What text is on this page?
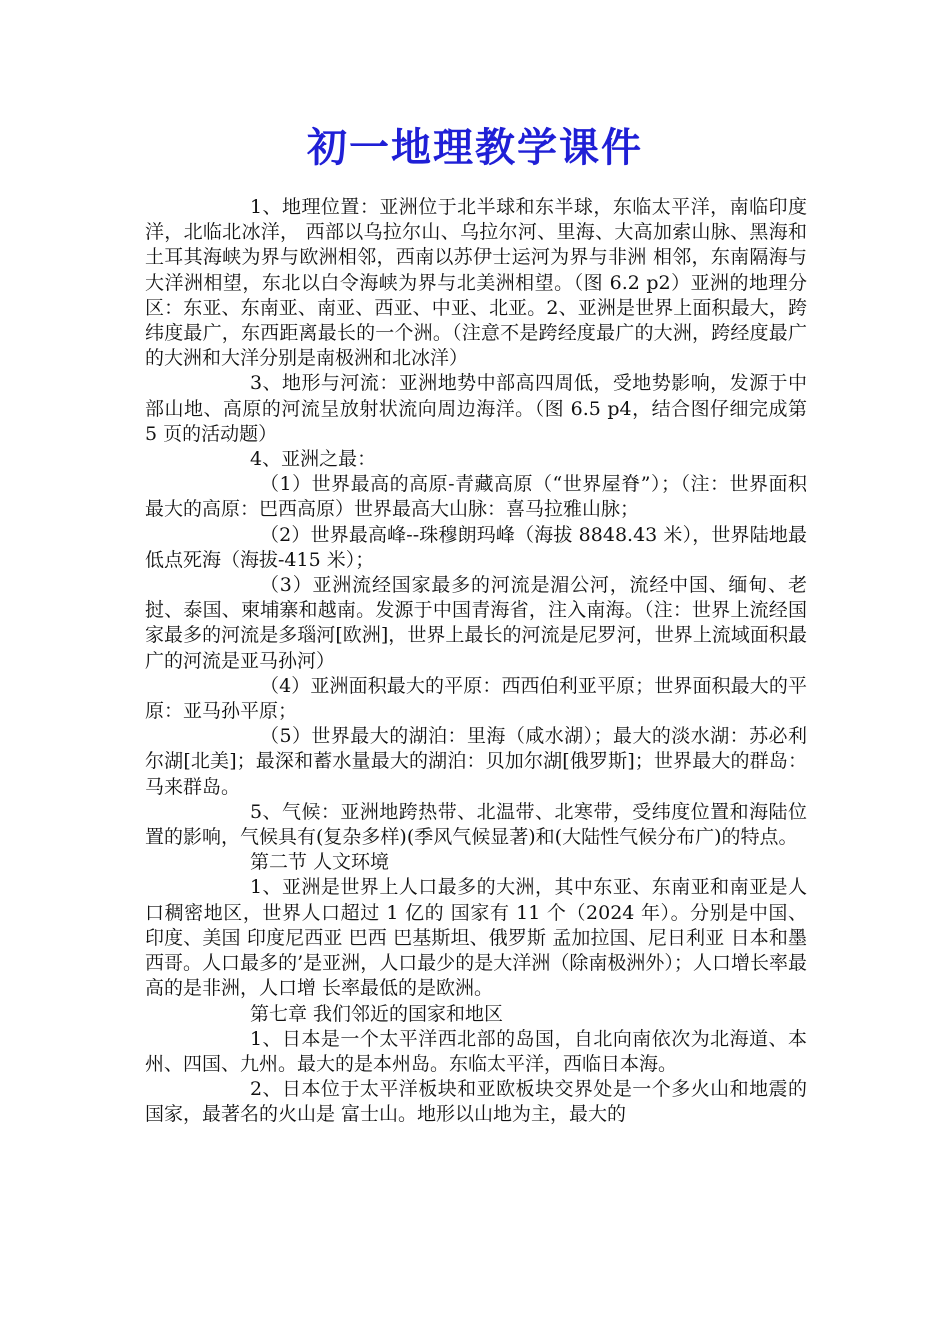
初一地理教学课件

1、地理位置：亚洲位于北半球和东半球，东临太平洋，南临印度洋，北临北冰洋， 西部以乌拉尔山、乌拉尔河、里海、大高加索山脉、黑海和土耳其海峡为界与欧洲相邻，西南以苏伊士运河为界与非洲 相邻，东南隔海与大洋洲相望，东北以白令海峡为界与北美洲相望。（图 6.2 p2）亚洲的地理分区：东亚、东南亚、南亚、西亚、中亚、北亚。2、亚洲是世界上面积最大，跨纬度最广，东西距离最长的一个洲。（注意不是跨经度最广的大洲，跨经度最广的大洲和大洋分别是南极洲和北冰洋）

3、地形与河流：亚洲地势中部高四周低，受地势影响，发源于中部山地、高原的河流呈放射状流向周边海洋。（图 6.5 p4，结合图仔细完成第 5 页的活动题）

4、亚洲之最：

（1）世界最高的高原-青藏高原（“世界屋脊”）；（注：世界面积最大的高原：巴西高原）世界最高大山脉：喜马拉雅山脉；

（2）世界最高峰--珠穆朗玛峰（海拔 8848.43 米），世界陆地最低点死海（海拔-415 米）；

（3）亚洲流经国家最多的河流是湄公河，流经中国、缅甸、老挝、泰国、柬埔寨和越南。发源于中国青海省，注入南海。（注：世界上流经国家最多的河流是多瑙河[欧洲]，世界上最长的河流是尼罗河，世界上流域面积最广的河流是亚马孙河）

（4）亚洲面积最大的平原：西西伯利亚平原；世界面积最大的平原：亚马孙平原；

（5）世界最大的湖泊：里海（咸水湖）；最大的淡水湖：苏必利尔湖[北美]；最深和蓄水量最大的湖泊：贝加尔湖[俄罗斯]；世界最大的群岛：马来群岛。

5、气候：亚洲地跨热带、北温带、北寒带，受纬度位置和海陆位置的影响，气候具有(复杂多样)(季风气候显著)和(大陆性气候分布广)的特点。

第二节 人文环境

1、亚洲是世界上人口最多的大洲，其中东亚、东南亚和南亚是人口稠密地区，世界人口超过 1 亿的 国家有 11 个（2024 年）。分别是中国、印度、美国 印度尼西亚 巴西 巴基斯坦、俄罗斯 孟加拉国、尼日利亚 日本和墨西哥。人口最多的’是亚洲，人口最少的是大洋洲（除南极洲外）；人口增长率最高的是非洲，人口增 长率最低的是欧洲。

第七章 我们邻近的国家和地区

1、日本是一个太平洋西北部的岛国，自北向南依次为北海道、本州、四国、九州。最大的是本州岛。东临太平洋，西临日本海。

2、日本位于太平洋板块和亚欧板块交界处是一个多火山和地震的国家，最著名的火山是 富士山。地形以山地为主，最大的
